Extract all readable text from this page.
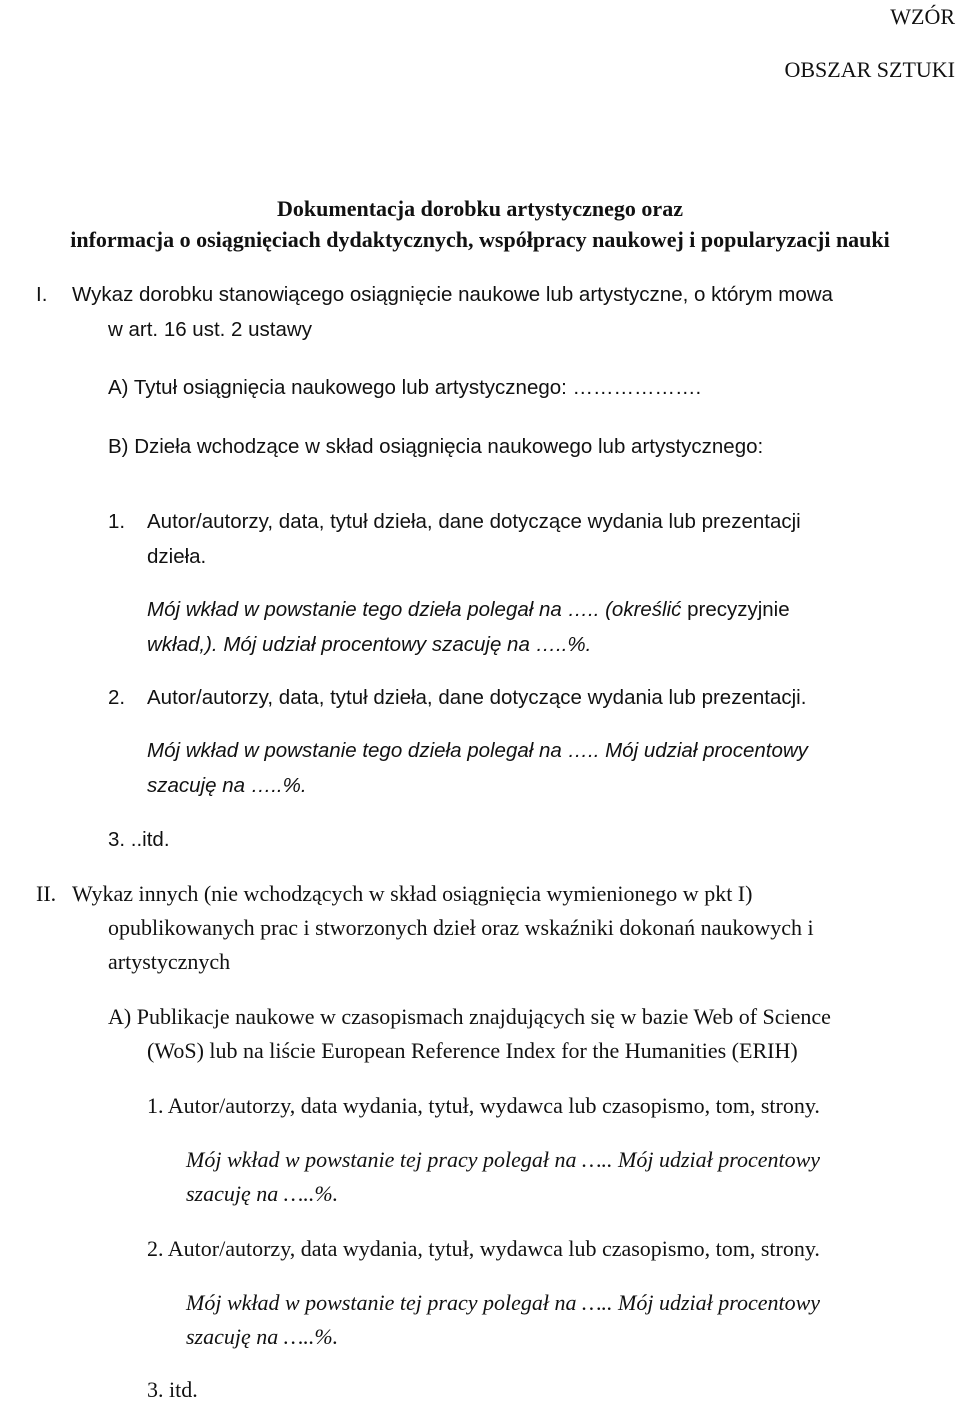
WZÓR

OBSZAR SZTUKI

Dokumentacja dorobku artystycznego oraz
informacja o osiągnięciach dydaktycznych, współpracy naukowej i popularyzacji nauki

I. Wykaz dorobku stanowiącego osiągnięcie naukowe lub artystyczne, o którym mowa

w art. 16 ust. 2 ustawy

A) Tytuł osiągnięcia naukowego lub artystycznego: ……………….

B) Dzieła wchodzące w skład osiągnięcia naukowego lub artystycznego:

1. Autor/autorzy, data, tytuł dzieła, dane dotyczące wydania lub prezentacji

dzieła.

Mój wkład w powstanie tego dzieła polegał na ….. (określić precyzyjnie

wkład,). Mój udział procentowy szacuję na …..%.

2. Autor/autorzy, data, tytuł dzieła, dane dotyczące wydania lub prezentacji.

Mój wkład w powstanie tego dzieła polegał na ….. Mój udział procentowy

szacuję na …..%.

3. ..itd.

II. Wykaz innych (nie wchodzących w skład osiągnięcia wymienionego w pkt I)

opublikowanych prac i stworzonych dzieł oraz wskaźniki dokonań naukowych i

artystycznych

A) Publikacje naukowe w czasopismach znajdujących się w bazie Web of Science

(WoS) lub na liście European Reference Index for the Humanities (ERIH)

1. Autor/autorzy, data wydania, tytuł, wydawca lub czasopismo, tom, strony.

Mój wkład w powstanie tej pracy polegał na ….. Mój udział procentowy

szacuję na …..%.

2. Autor/autorzy, data wydania, tytuł, wydawca lub czasopismo, tom, strony.

Mój wkład w powstanie tej pracy polegał na ….. Mój udział procentowy

szacuję na …..%.

3. itd.
